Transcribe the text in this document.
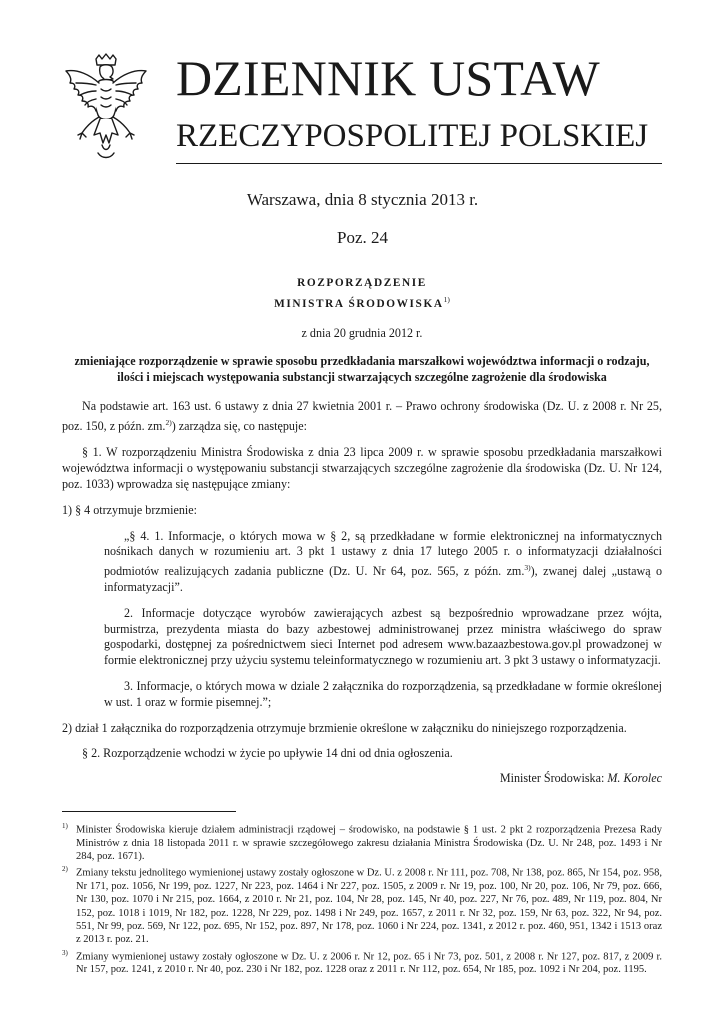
DZIENNIK USTAW
RZECZYPOSPOLITEJ POLSKIEJ
Warszawa, dnia 8 stycznia 2013 r.
Poz. 24

ROZPORZĄDZENIE

MINISTRA ŚRODOWISKA$^{1)}$

z dnia 20 grudnia 2012 r.

zmieniające rozporządzenie w sprawie sposobu przedkładania marszałkowi województwa informacji o rodzaju, ilości i miejscach występowania substancji stwarzających szczególne zagrożenie dla środowiska

Na podstawie art. 163 ust. 6 ustawy z dnia 27 kwietnia 2001 r. – Prawo ochrony środowiska (Dz. U. z 2008 r. Nr 25, poz. 150, z późn. zm.$^{2)}$) zarządza się, co następuje:

§ 1. W rozporządzeniu Ministra Środowiska z dnia 23 lipca 2009 r. w sprawie sposobu przedkładania marszałkowi województwa informacji o występowaniu substancji stwarzających szczególne zagrożenie dla środowiska (Dz. U. Nr 124, poz. 1033) wprowadza się następujące zmiany:

1) § 4 otrzymuje brzmienie:

„§ 4. 1. Informacje, o których mowa w § 2, są przedkładane w formie elektronicznej na informatycznych nośnikach danych w rozumieniu art. 3 pkt 1 ustawy z dnia 17 lutego 2005 r. o informatyzacji działalności podmiotów realizujących zadania publiczne (Dz. U. Nr 64, poz. 565, z późn. zm.$^{3)}$), zwanej dalej „ustawą o informatyzacji”.

2. Informacje dotyczące wyrobów zawierających azbest są bezpośrednio wprowadzane przez wójta, burmistrza, prezydenta miasta do bazy azbestowej administrowanej przez ministra właściwego do spraw gospodarki, dostępnej za pośrednictwem sieci Internet pod adresem www.bazaazbestowa.gov.pl prowadzonej w formie elektronicznej przy użyciu systemu teleinformatycznego w rozumieniu art. 3 pkt 3 ustawy o informatyzacji.

3. Informacje, o których mowa w dziale 2 załącznika do rozporządzenia, są przedkładane w formie określonej w ust. 1 oraz w formie pisemnej.”;

2) dział 1 załącznika do rozporządzenia otrzymuje brzmienie określone w załączniku do niniejszego rozporządzenia.

§ 2. Rozporządzenie wchodzi w życie po upływie 14 dni od dnia ogłoszenia.

Minister Środowiska: M. Korolec

$^{1)}$ Minister Środowiska kieruje działem administracji rządowej – środowisko, na podstawie § 1 ust. 2 pkt 2 rozporządzenia Prezesa Rady Ministrów z dnia 18 listopada 2011 r. w sprawie szczegółowego zakresu działania Ministra Środowiska (Dz. U. Nr 248, poz. 1493 i Nr 284, poz. 1671).

$^{2)}$ Zmiany tekstu jednolitego wymienionej ustawy zostały ogłoszone w Dz. U. z 2008 r. Nr 111, poz. 708, Nr 138, poz. 865, Nr 154, poz. 958, Nr 171, poz. 1056, Nr 199, poz. 1227, Nr 223, poz. 1464 i Nr 227, poz. 1505, z 2009 r. Nr 19, poz. 100, Nr 20, poz. 106, Nr 79, poz. 666, Nr 130, poz. 1070 i Nr 215, poz. 1664, z 2010 r. Nr 21, poz. 104, Nr 28, poz. 145, Nr 40, poz. 227, Nr 76, poz. 489, Nr 119, poz. 804, Nr 152, poz. 1018 i 1019, Nr 182, poz. 1228, Nr 229, poz. 1498 i Nr 249, poz. 1657, z 2011 r. Nr 32, poz. 159, Nr 63, poz. 322, Nr 94, poz. 551, Nr 99, poz. 569, Nr 122, poz. 695, Nr 152, poz. 897, Nr 178, poz. 1060 i Nr 224, poz. 1341, z 2012 r. poz. 460, 951, 1342 i 1513 oraz z 2013 r. poz. 21.

$^{3)}$ Zmiany wymienionej ustawy zostały ogłoszone w Dz. U. z 2006 r. Nr 12, poz. 65 i Nr 73, poz. 501, z 2008 r. Nr 127, poz. 817, z 2009 r. Nr 157, poz. 1241, z 2010 r. Nr 40, poz. 230 i Nr 182, poz. 1228 oraz z 2011 r. Nr 112, poz. 654, Nr 185, poz. 1092 i Nr 204, poz. 1195.
